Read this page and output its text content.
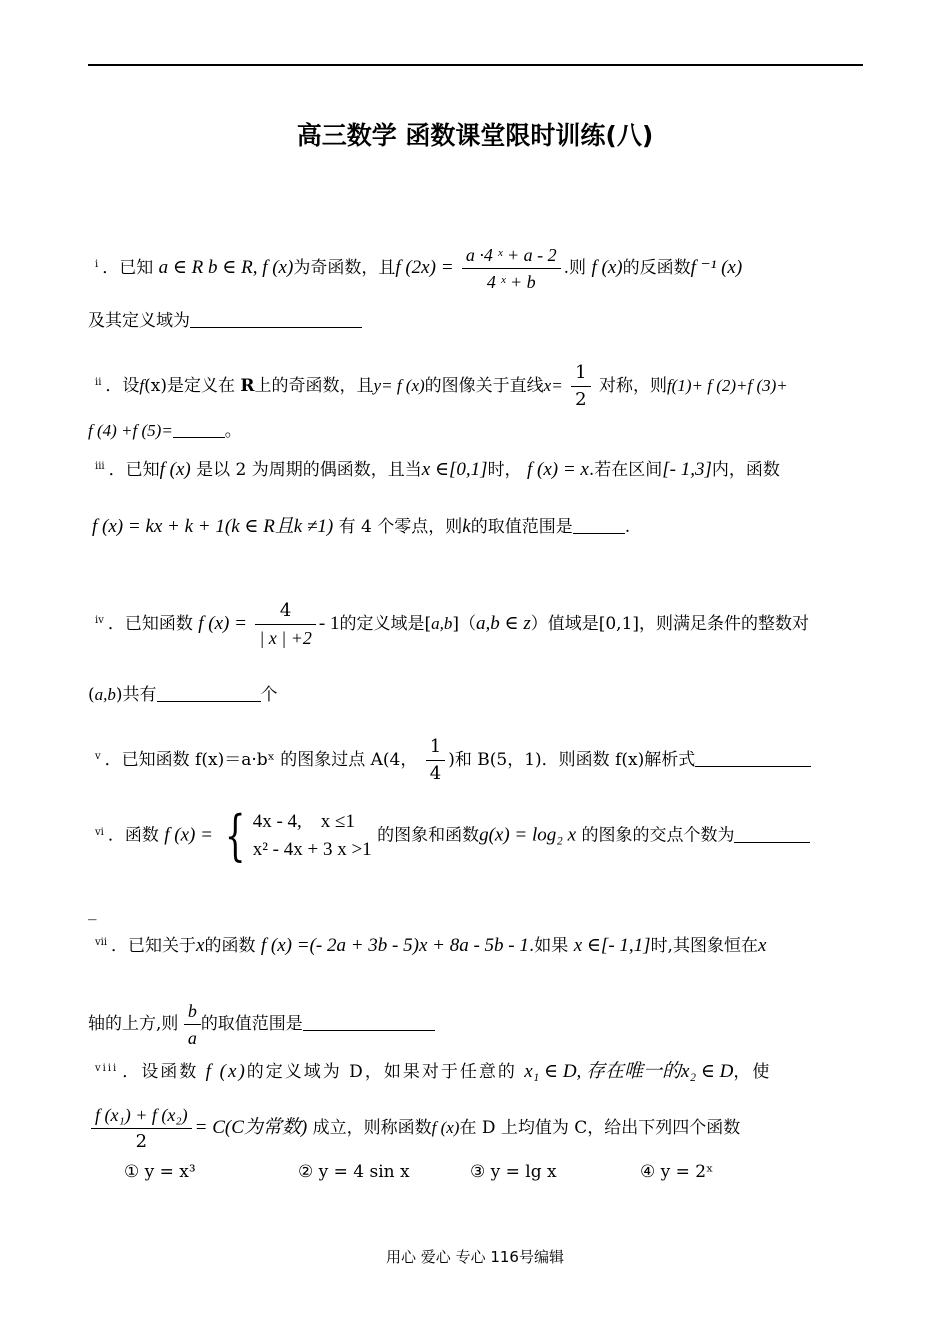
高三数学 函数课堂限时训练(八)
$^i$ ．已知 a ∈ R b ∈ R, f (x)为奇函数，且f $(2x) = \frac{\text{a ·4 ˣ + a - 2}}{\text{4 ˣ + b}}$ .则 f (x)的反函数f ⁻¹ (x)
及其定义域为
$^{ii}$ ．设f(x)是定义在 R上的奇函数，且y= f (x)的图像关于直线$x= \frac{1}{2}$ 对称，则f(1)+ f (2)+f (3)+
f (4) +f (5)=	。
$^{iii}$ ．已知f (x) 是以 2 为周期的偶函数，且当x ∈[0,1]时， f (x) = x.若在区间[- 1,3]内，函数
f (x) = kx + k + 1(k ∈ R且k ≠1) 有 4 个零点，则k的取值范围是	.
$^{iv}$ ．已知函数 f $(x) = \frac{4}{| x | +2} - 1$的定义域是[a,b]（a,b ∈ z）值域是[0,1]，则满足条件的整数对
(a,b)共有	个
$^v$ ．已知函数 f(x)＝a·bˣ 的图象过点 A(4， $\frac{1}{4}$ )和 B(5，1)．则函数 f(x)解析式
$^{vi}$ ．函数 f (x) = { 4x - 4,　x ≤1
x² - 4x + 3 x >1
的图象和函数g(x) = log₂ x 的图象的交点个数为
_
$^{vii}$ ．已知关于x的函数 f (x) =(- 2a + 3b - 5)x + 8a - 5b - 1.如果 x ∈[- 1,1]时,其图象恒在x
轴的上方,则 $\frac{b}{a}$ 的取值范围是
$^{viii}$ ．设函数 f (x)的定义域为 D，如果对于任意的 x₁ ∈ D, 存在唯一的x₂ ∈ D，使
$\frac{\text{f (x₁) + f (x₂)}}{2} = C(C$为常数) 成立，则称函数f (x)在 D 上均值为 C，给出下列四个函数
① y = x³	② y = 4 sin x	③ y = lg x	④ y = 2ˣ
用心 爱心 专心 116号编辑
